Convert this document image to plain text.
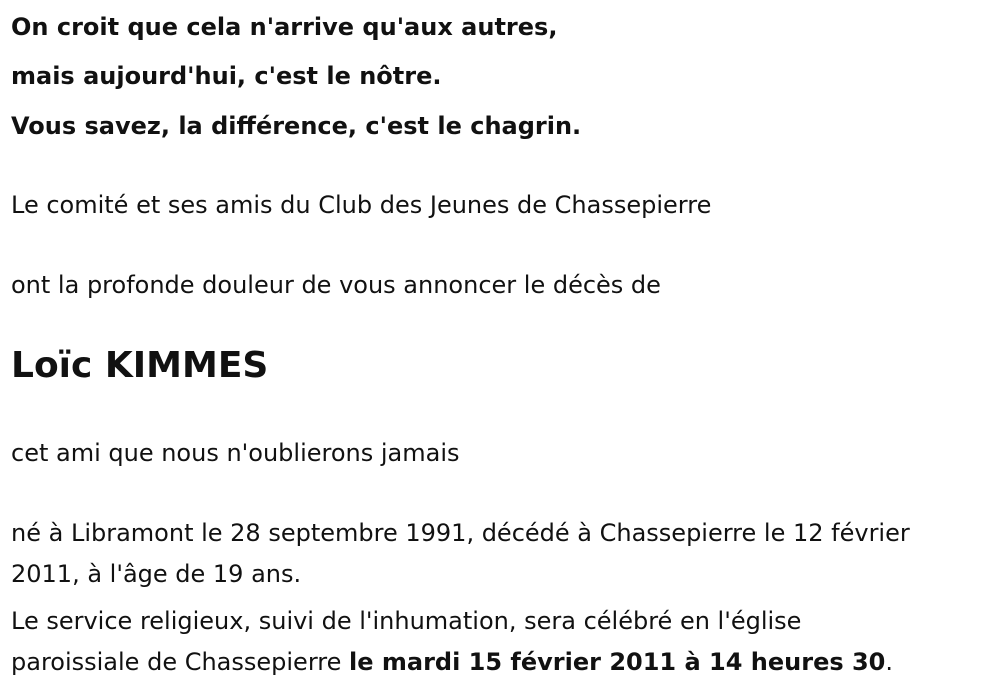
On croit que cela n'arrive qu'aux autres,
mais aujourd'hui, c'est le nôtre.
Vous savez, la différence, c'est le chagrin.
Le comité et ses amis du Club des Jeunes de Chassepierre
ont la profonde douleur de vous annoncer le décès de
Loïc KIMMES
cet ami que nous n'oublierons jamais
né à Libramont le 28 septembre 1991, décédé à Chassepierre le 12 février
2011, à l'âge de 19 ans.
Le service religieux, suivi de l'inhumation, sera célébré en l'église
paroissiale de Chassepierre le mardi 15 février 2011 à 14 heures 30.
